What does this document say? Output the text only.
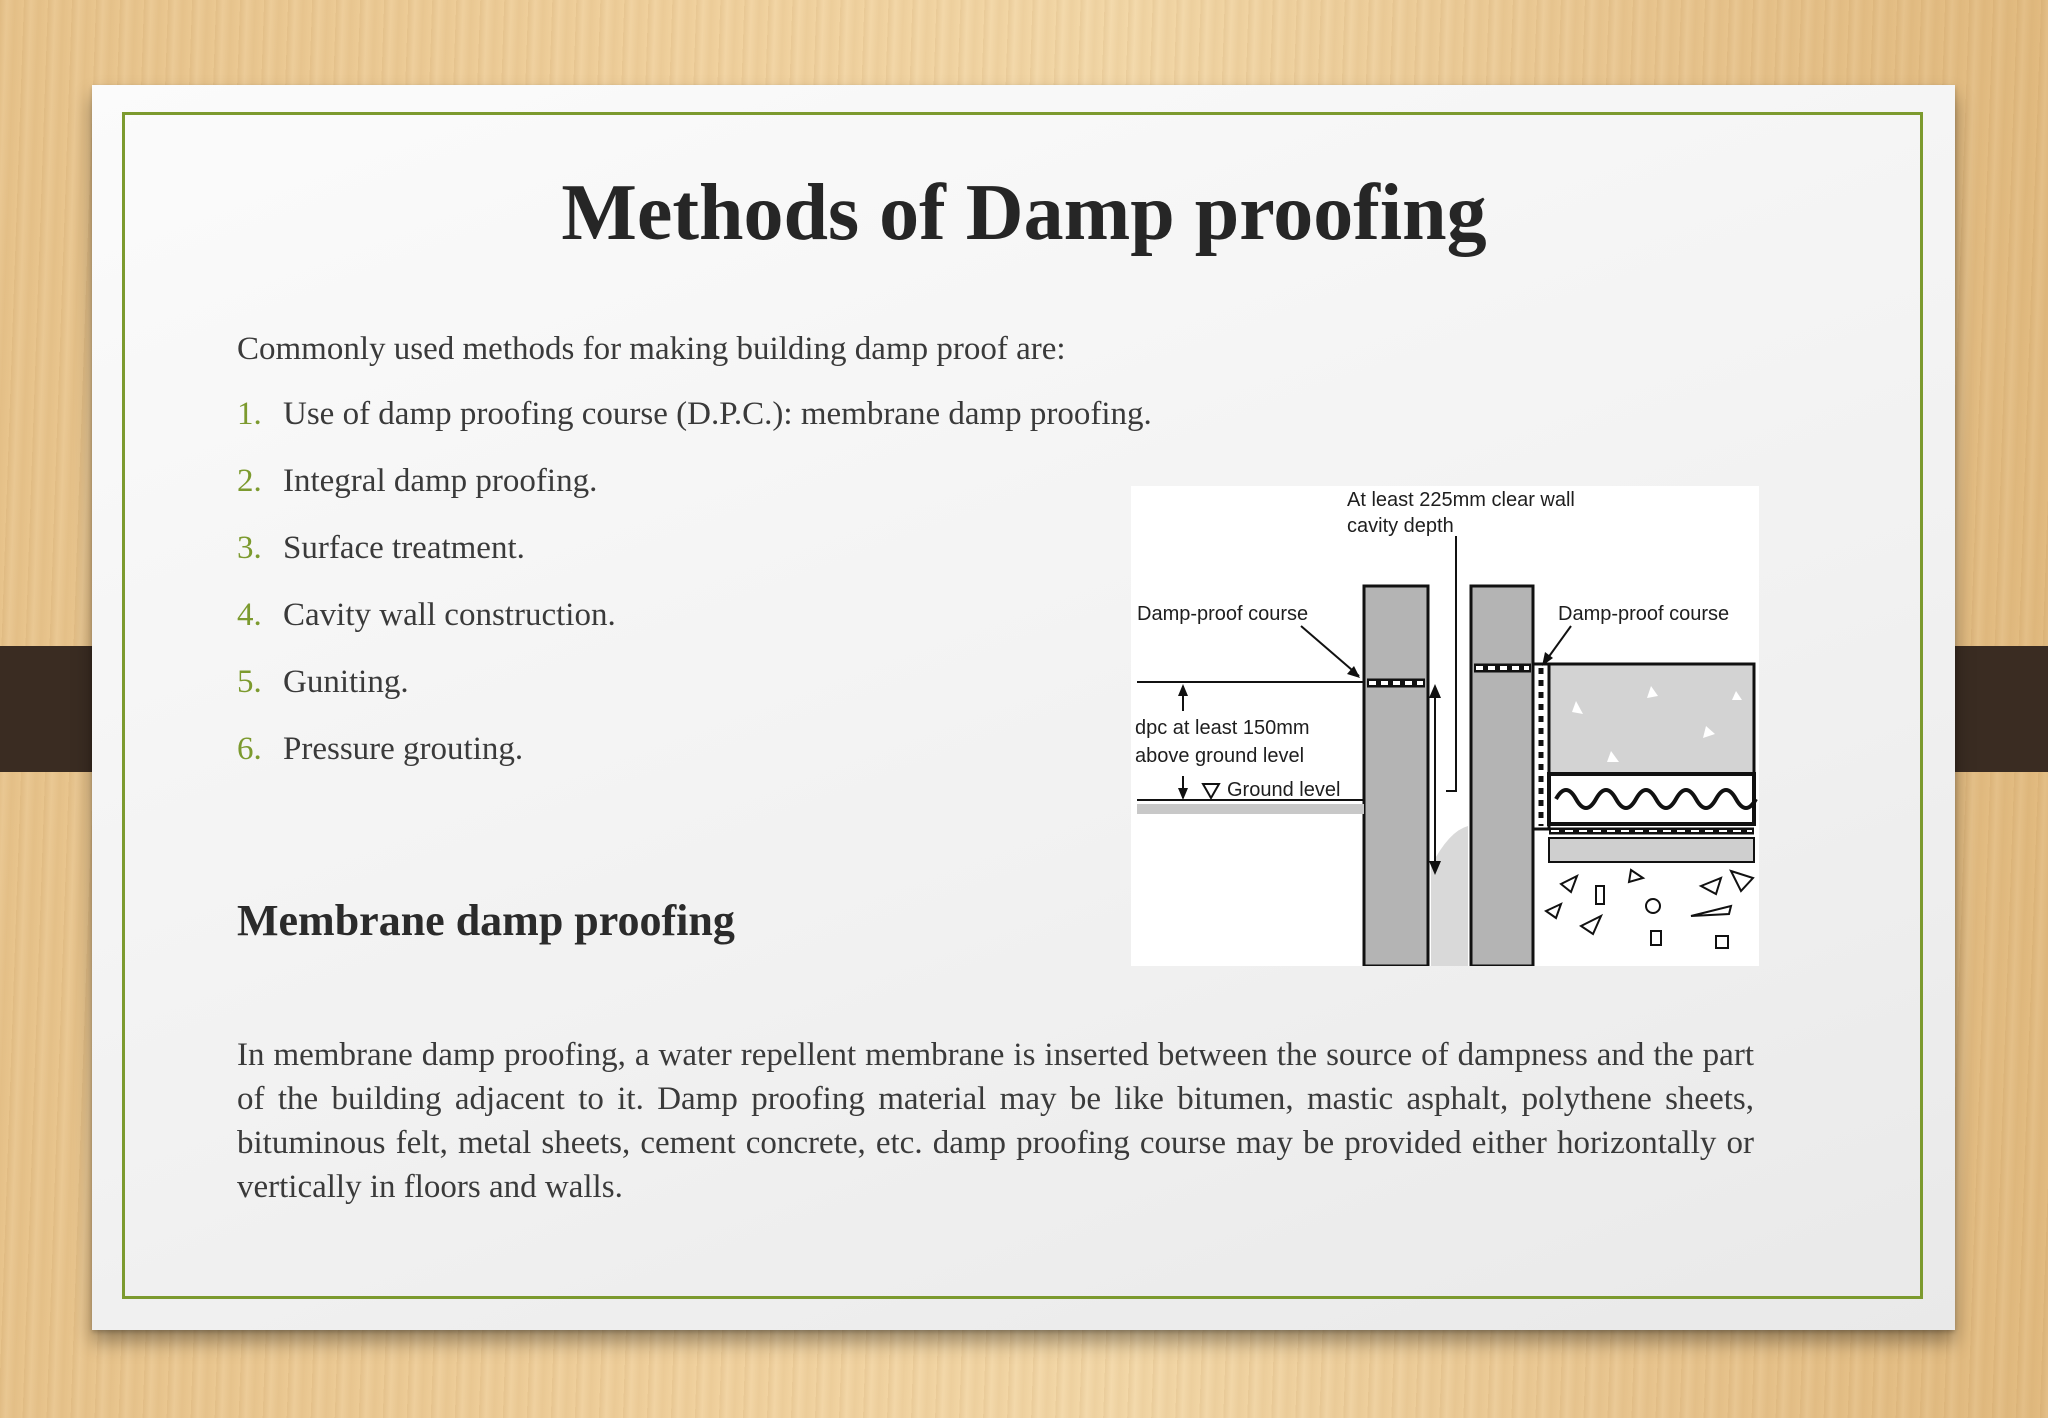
Methods of Damp proofing
Commonly used methods for making building damp proof are:
1. Use of damp proofing course (D.P.C.): membrane damp proofing.
2. Integral damp proofing.
3. Surface treatment.
4. Cavity wall construction.
5. Guniting.
6. Pressure grouting.
At least 225mm clear wall
cavity depth
Damp-proof course	Damp-proof course
dpc at least 150mm
above ground level
Ground level
Membrane damp proofing

In membrane damp proofing, a water repellent membrane is inserted between the source of dampness and the part of the building adjacent to it. Damp proofing material may be like bitumen, mastic asphalt, polythene sheets, bituminous felt, metal sheets, cement concrete, etc. damp proofing course may be provided either horizontally or vertically in floors and walls.
